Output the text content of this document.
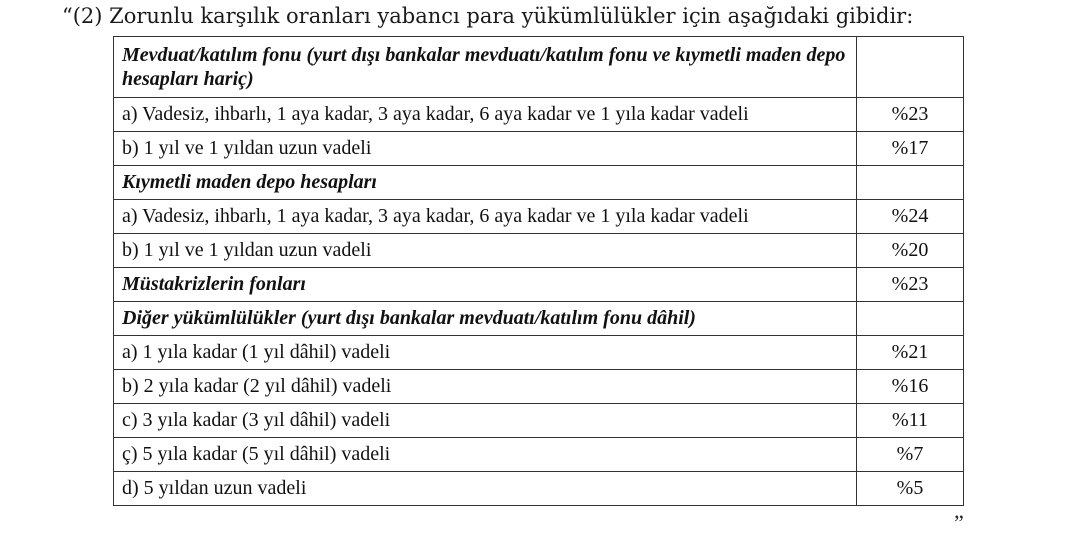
“(2) Zorunlu karşılık oranları yabancı para yükümlülükler için aşağıdaki gibidir:
Mevduat/katılım fonu (yurt dışı bankalar mevduatı/katılım fonu ve kıymetli maden depo hesapları hariç)	
a) Vadesiz, ihbarlı, 1 aya kadar, 3 aya kadar, 6 aya kadar ve 1 yıla kadar vadeli	%23
b) 1 yıl ve 1 yıldan uzun vadeli	%17
Kıymetli maden depo hesapları	
a) Vadesiz, ihbarlı, 1 aya kadar, 3 aya kadar, 6 aya kadar ve 1 yıla kadar vadeli	%24
b) 1 yıl ve 1 yıldan uzun vadeli	%20
Müstakrizlerin fonları	%23
Diğer yükümlülükler (yurt dışı bankalar mevduatı/katılım fonu dâhil)	
a) 1 yıla kadar (1 yıl dâhil) vadeli	%21
b) 2 yıla kadar (2 yıl dâhil) vadeli	%16
c) 3 yıla kadar (3 yıl dâhil) vadeli	%11
ç) 5 yıla kadar (5 yıl dâhil) vadeli	%7
d) 5 yıldan uzun vadeli	%5
”
